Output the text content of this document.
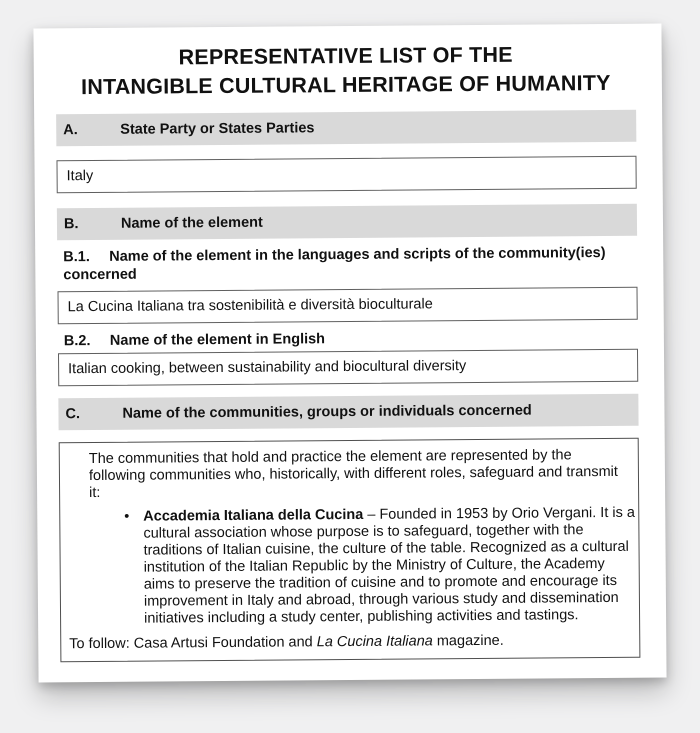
REPRESENTATIVE LIST OF THE
INTANGIBLE CULTURAL HERITAGE OF HUMANITY
A.	State Party or States Parties
Italy
B.	Name of the element
B.1. Name of the element in the languages and scripts of the community(ies)
concerned
La Cucina Italiana tra sostenibilità e diversità bioculturale
B.2. Name of the element in English
Italian cooking, between sustainability and biocultural diversity
C.	Name of the communities, groups or individuals concerned

The communities that hold and practice the element are represented by the
following communities who, historically, with different roles, safeguard and transmit
it:

• Accademia Italiana della Cucina – Founded in 1953 by Orio Vergani. It is a
cultural association whose purpose is to safeguard, together with the
traditions of Italian cuisine, the culture of the table. Recognized as a cultural
institution of the Italian Republic by the Ministry of Culture, the Academy
aims to preserve the tradition of cuisine and to promote and encourage its
improvement in Italy and abroad, through various study and dissemination
initiatives including a study center, publishing activities and tastings.

To follow: Casa Artusi Foundation and La Cucina Italiana magazine.
